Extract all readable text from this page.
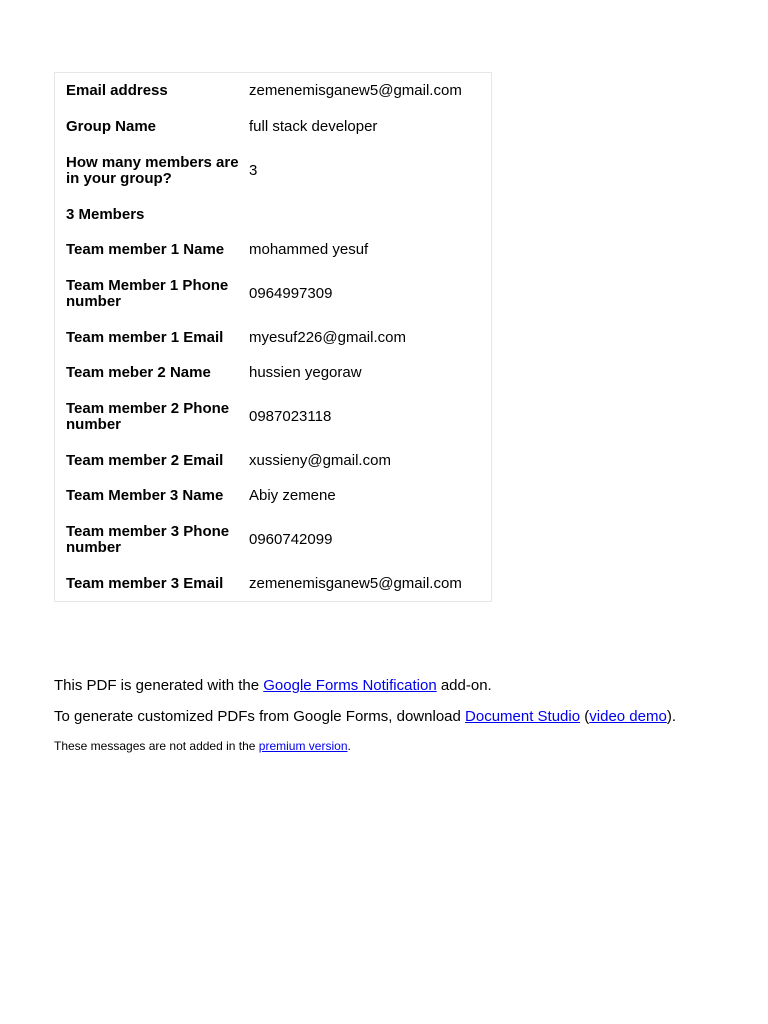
Email address	zemenemisganew5@gmail.com
Group Name	full stack developer
How many members are in your group?	3
3 Members	
Team member 1 Name	mohammed yesuf
Team Member 1 Phone number	0964997309
Team member 1 Email	myesuf226@gmail.com
Team meber 2 Name	hussien yegoraw
Team member 2 Phone number	0987023118
Team member 2 Email	xussieny@gmail.com
Team Member 3 Name	Abiy zemene
Team member 3 Phone number	0960742099
Team member 3 Email	zemenemisganew5@gmail.com

This PDF is generated with the Google Forms Notification add-on.

To generate customized PDFs from Google Forms, download Document Studio (video demo).

These messages are not added in the premium version.
